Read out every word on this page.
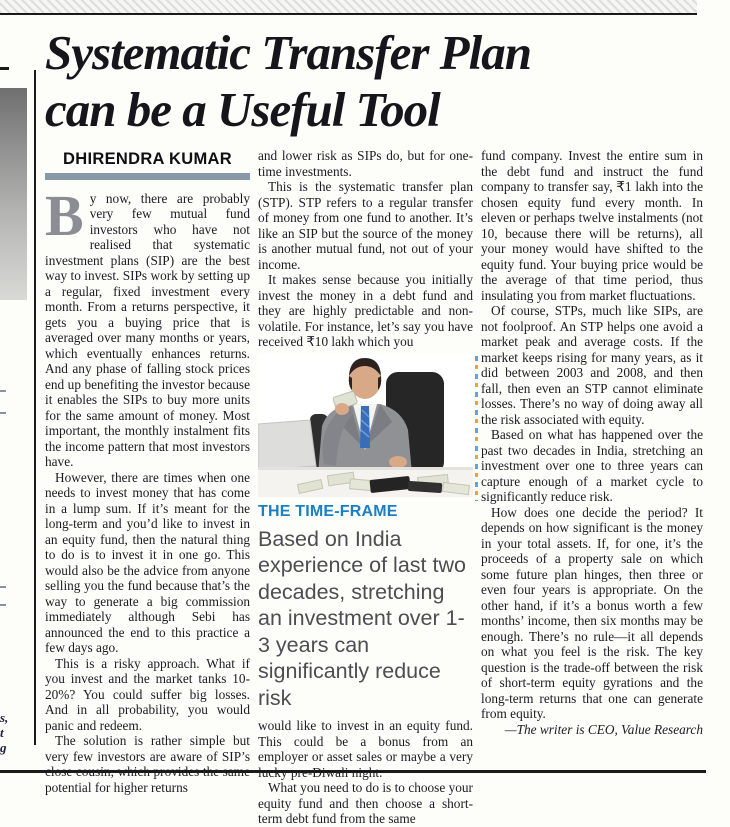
s,
t
g
Systematic Transfer Plan
can be a Useful Tool
DHIRENDRA KUMAR

By now, there are probably very few mutual fund investors who have not realised that systematic investment plans (SIP) are the best way to invest. SIPs work by setting up a regular, fixed investment every month. From a returns perspective, it gets you a buying price that is averaged over many months or years, which eventually enhances returns. And any phase of falling stock prices end up benefiting the investor because it enables the SIPs to buy more units for the same amount of money. Most important, the monthly instalment fits the income pattern that most investors have.

However, there are times when one needs to invest money that has come in a lump sum. If it’s meant for the long-term and you’d like to invest in an equity fund, then the natural thing to do is to invest it in one go. This would also be the advice from anyone selling you the fund because that’s the way to generate a big commission immediately although Sebi has announced the end to this practice a few days ago.

This is a risky approach. What if you invest and the market tanks 10-20%? You could suffer big losses. And in all probability, you would panic and redeem.

The solution is rather simple but very few investors are aware of SIP’s close cousin, which provides the same potential for higher returns

and lower risk as SIPs do, but for one-time investments.

This is the systematic transfer plan (STP). STP refers to a regular transfer of money from one fund to another. It’s like an SIP but the source of the money is another mutual fund, not out of your income.

It makes sense because you initially invest the money in a debt fund and they are highly predictable and non-volatile. For instance, let’s say you have received ₹10 lakh which you

THE TIME-FRAME
Based on India experience of last two decades, stretching an investment over 1-3 years can significantly reduce risk

would like to invest in an equity fund. This could be a bonus from an employer or asset sales or maybe a very lucky pre-Diwali night.

What you need to do is to choose your equity fund and then choose a short-term debt fund from the same

fund company. Invest the entire sum in the debt fund and instruct the fund company to transfer say, ₹1 lakh into the chosen equity fund every month. In eleven or perhaps twelve instalments (not 10, because there will be returns), all your money would have shifted to the equity fund. Your buying price would be the average of that time period, thus insulating you from market fluctuations.

Of course, STPs, much like SIPs, are not foolproof. An STP helps one avoid a market peak and average costs. If the market keeps rising for many years, as it did between 2003 and 2008, and then fall, then even an STP cannot eliminate losses. There’s no way of doing away all the risk associated with equity.

Based on what has happened over the past two decades in India, stretching an investment over one to three years can capture enough of a market cycle to significantly reduce risk.

How does one decide the period? It depends on how significant is the money in your total assets. If, for one, it’s the proceeds of a property sale on which some future plan hinges, then three or even four years is appropriate. On the other hand, if it’s a bonus worth a few months’ income, then six months may be enough. There’s no rule—it all depends on what you feel is the risk. The key question is the trade-off between the risk of short-term equity gyrations and the long-term returns that one can generate from equity.

—The writer is CEO, Value Research
